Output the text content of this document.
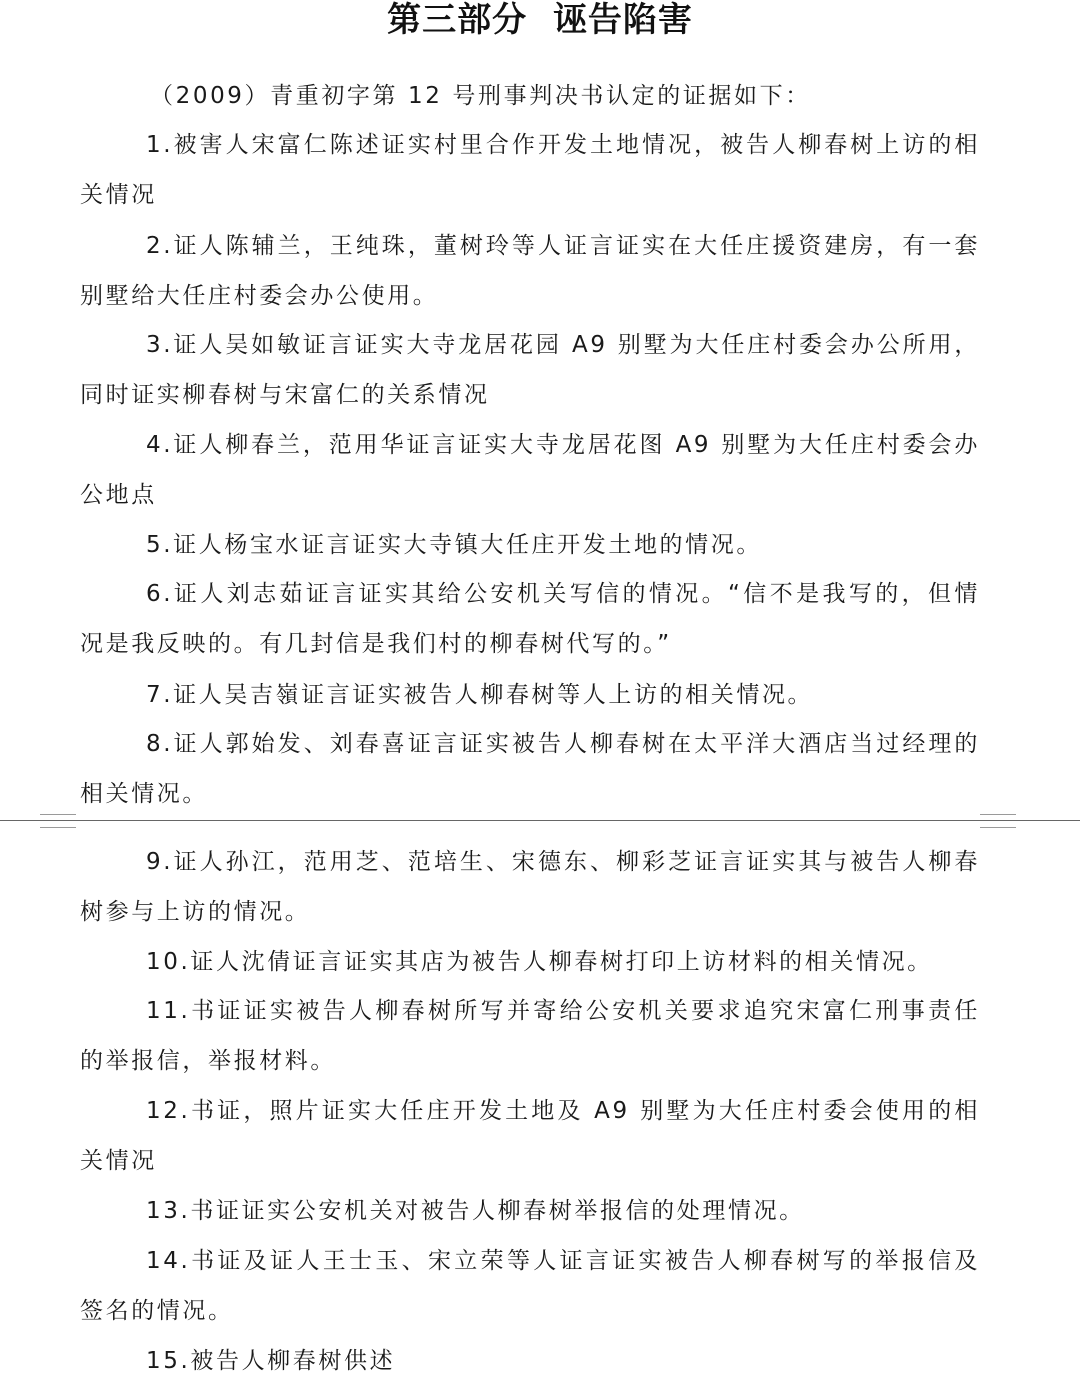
第三部分  诬告陷害

（2009）青重初字第 12 号刑事判决书认定的证据如下：

1.被害人宋富仁陈述证实村里合作开发土地情况，被告人柳春树上访的相关情况

2.证人陈辅兰，王纯珠，董树玲等人证言证实在大任庄援资建房，有一套别墅给大任庄村委会办公使用。

3.证人吴如敏证言证实大寺龙居花园 A9 别墅为大任庄村委会办公所用，同时证实柳春树与宋富仁的关系情况

4.证人柳春兰，范用华证言证实大寺龙居花图 A9 别墅为大任庄村委会办公地点

5.证人杨宝水证言证实大寺镇大任庄开发土地的情况。

6.证人刘志茹证言证实其给公安机关写信的情况。“信不是我写的，但情况是我反映的。有几封信是我们村的柳春树代写的。”

7.证人吴吉嶺证言证实被告人柳春树等人上访的相关情况。

8.证人郭始发、刘春喜证言证实被告人柳春树在太平洋大酒店当过经理的相关情况。

9.证人孙江，范用芝、范培生、宋德东、柳彩芝证言证实其与被告人柳春树参与上访的情况。

10.证人沈倩证言证实其店为被告人柳春树打印上访材料的相关情况。

11.书证证实被告人柳春树所写并寄给公安机关要求追究宋富仁刑事责任的举报信，举报材料。

12.书证，照片证实大任庄开发土地及 A9 别墅为大任庄村委会使用的相关情况

13.书证证实公安机关对被告人柳春树举报信的处理情况。

14.书证及证人王士玉、宋立荣等人证言证实被告人柳春树写的举报信及签名的情况。

15.被告人柳春树供述
